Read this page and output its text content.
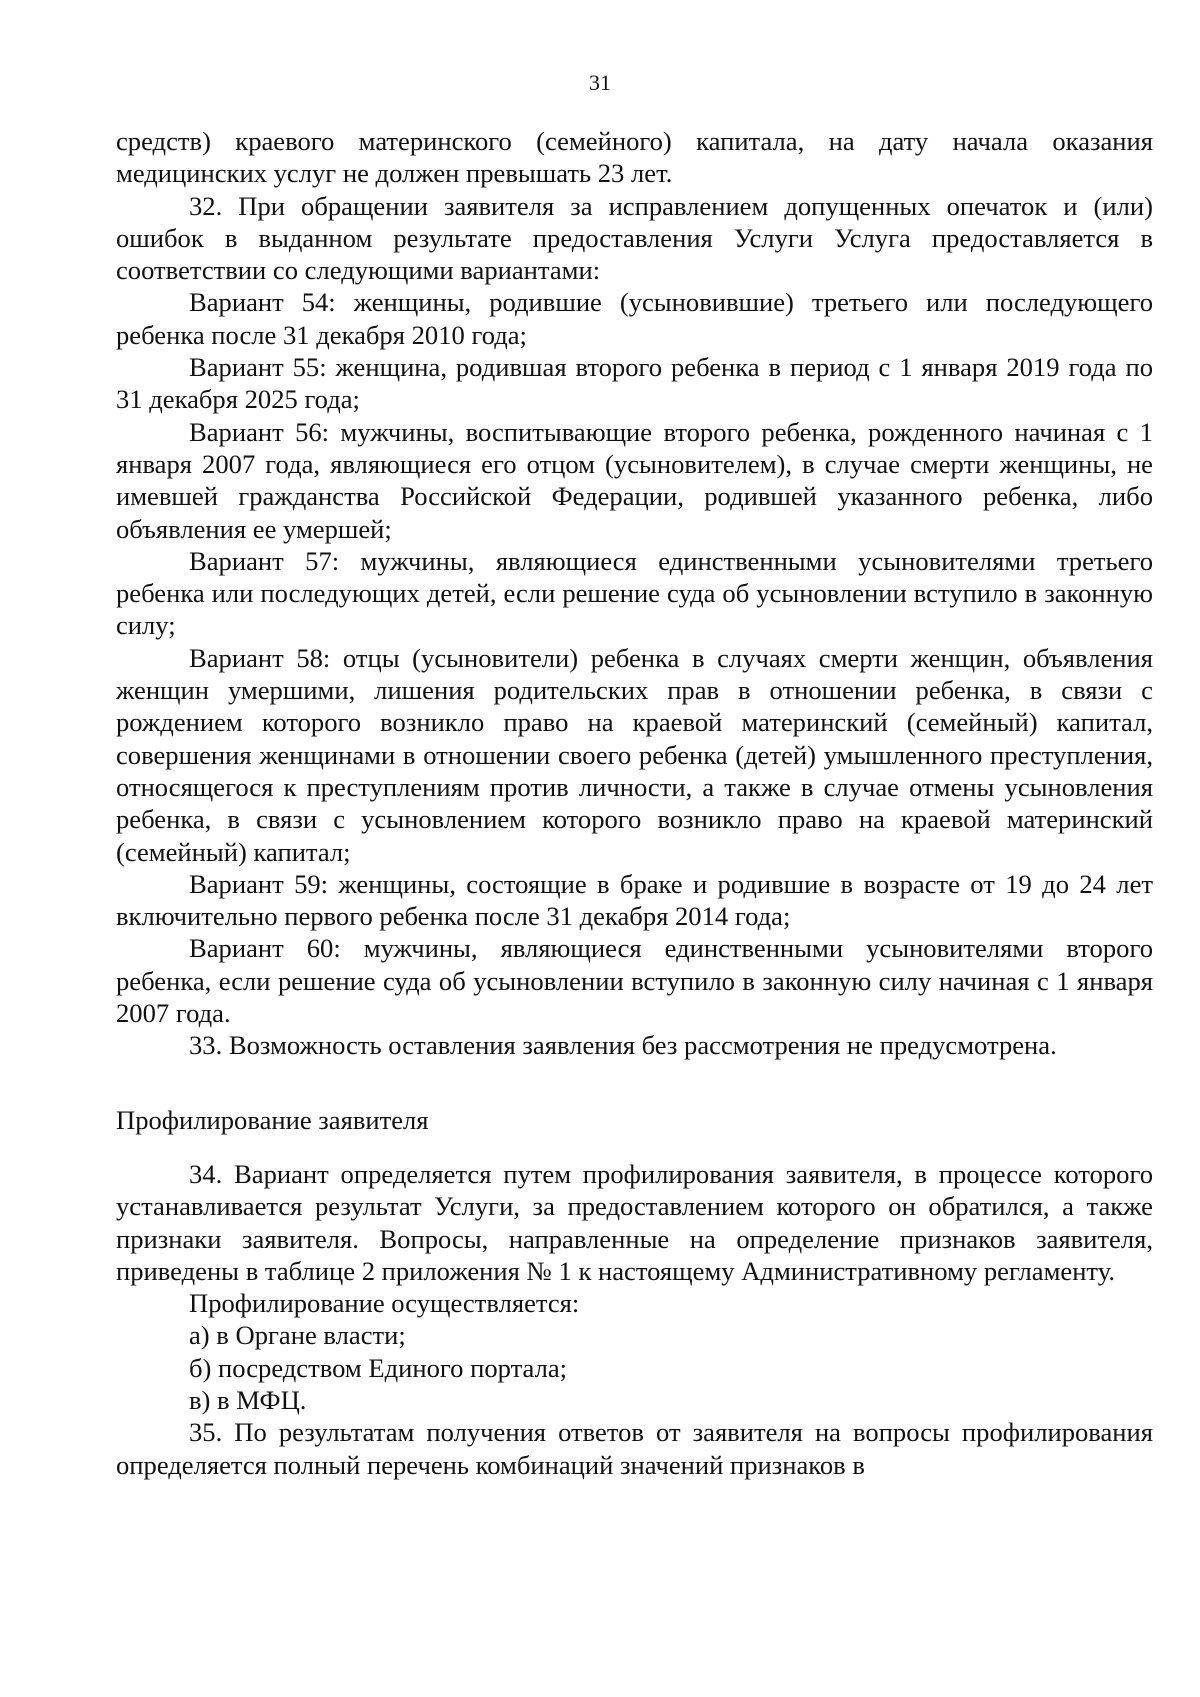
31

средств) краевого материнского (семейного) капитала, на дату начала оказания медицинских услуг не должен превышать 23 лет.

32. При обращении заявителя за исправлением допущенных опечаток и (или) ошибок в выданном результате предоставления Услуги Услуга предоставляется в соответствии со следующими вариантами:

Вариант 54: женщины, родившие (усыновившие) третьего или последующего ребенка после 31 декабря 2010 года;

Вариант 55: женщина, родившая второго ребенка в период с 1 января 2019 года по 31 декабря 2025 года;

Вариант 56: мужчины, воспитывающие второго ребенка, рожденного начиная с 1 января 2007 года, являющиеся его отцом (усыновителем), в случае смерти женщины, не имевшей гражданства Российской Федерации, родившей указанного ребенка, либо объявления ее умершей;

Вариант 57: мужчины, являющиеся единственными усыновителями третьего ребенка или последующих детей, если решение суда об усыновлении вступило в законную силу;

Вариант 58: отцы (усыновители) ребенка в случаях смерти женщин, объявления женщин умершими, лишения родительских прав в отношении ребенка, в связи с рождением которого возникло право на краевой материнский (семейный) капитал, совершения женщинами в отношении своего ребенка (детей) умышленного преступления, относящегося к преступлениям против личности, а также в случае отмены усыновления ребенка, в связи с усыновлением которого возникло право на краевой материнский (семейный) капитал;

Вариант 59: женщины, состоящие в браке и родившие в возрасте от 19 до 24 лет включительно первого ребенка после 31 декабря 2014 года;

Вариант 60: мужчины, являющиеся единственными усыновителями второго ребенка, если решение суда об усыновлении вступило в законную силу начиная с 1 января 2007 года.

33. Возможность оставления заявления без рассмотрения не предусмотрена.

Профилирование заявителя

34. Вариант определяется путем профилирования заявителя, в процессе которого устанавливается результат Услуги, за предоставлением которого он обратился, а также признаки заявителя. Вопросы, направленные на определение признаков заявителя, приведены в таблице 2 приложения № 1 к настоящему Административному регламенту.

Профилирование осуществляется:

а) в Органе власти;

б) посредством Единого портала;

в) в МФЦ.

35. По результатам получения ответов от заявителя на вопросы профилирования определяется полный перечень комбинаций значений признаков в
